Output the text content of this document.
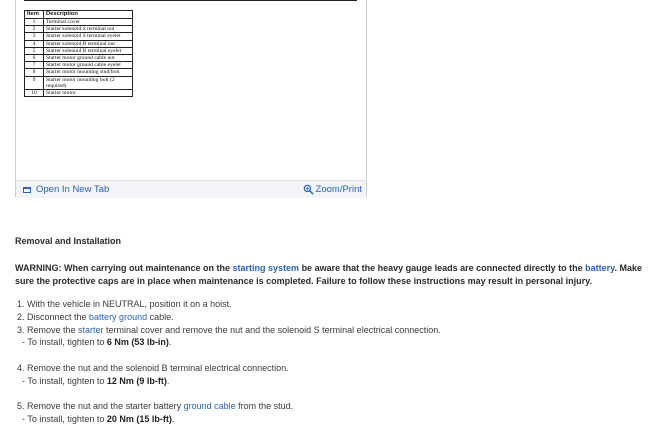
Item	Description
1	Terminal cover
2	Starter solenoid S terminal nut
3	Starter solenoid S terminal eyelet
4	Starter solenoid B terminal nut
5	Starter solenoid B terminal eyelet
6	Starter motor ground cable nut
7	Starter motor ground cable eyelet
8	Starter motor mounting stud/bolt
9	Starter motor mounting bolt (2 required)
10	Starter motor
Open In New Tab	Zoom/Print
Removal and Installation
WARNING: When carrying out maintenance on the starting system be aware that the heavy gauge leads are connected directly to the battery. Make sure the protective caps are in place when maintenance is completed. Failure to follow these instructions may result in personal injury.
1. With the vehicle in NEUTRAL, position it on a hoist.
2. Disconnect the battery ground cable.
3. Remove the starter terminal cover and remove the nut and the solenoid S terminal electrical connection.
- To install, tighten to 6 Nm (53 lb-in).
4. Remove the nut and the solenoid B terminal electrical connection.
- To install, tighten to 12 Nm (9 lb-ft).
5. Remove the nut and the starter battery ground cable from the stud.
- To install, tighten to 20 Nm (15 lb-ft).
